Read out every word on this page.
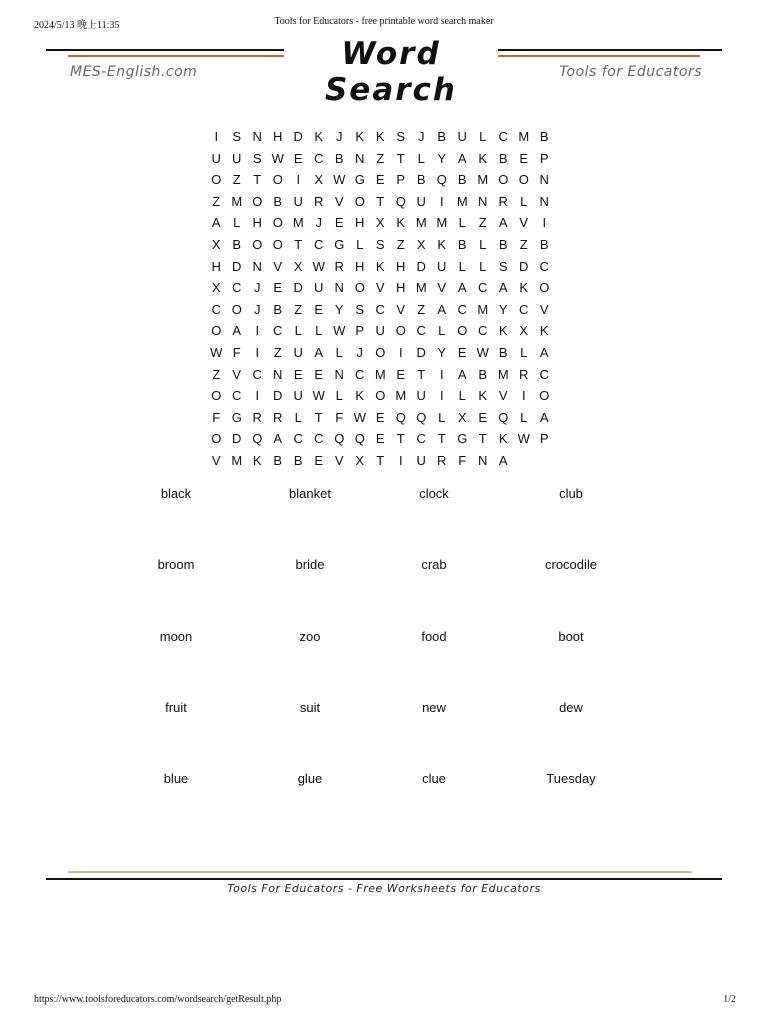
2024/5/13 晚上11:35	Tools for Educators - free printable word search maker
Word Search
MES-English.com	Tools for Educators
I	S N H D K J K K S J B U L C M B
U U S W E C B N Z T L Y A K B E P
O Z T O	I	X W G E P B Q B M O O N
Z M O B U R V O T Q U	I	M N R L N
A L H O M J E H X K M M L Z A V	I
X B O O T C G L S Z X K B L B Z B
H D N V X W R H K H D U L	L S D C
X C J E D U N O V H M V A C A K O
C O J B Z E Y S C V Z A C M Y C V
O A	I	C L	L W P U O C L O C K X K
W F	I	Z U A L	J O	I	D Y E W B L A
Z V C N E E N C M E T	I	A B M R C
O C	I	D U W L K O M U	I	L K V	I	O
F G R R L T F W E Q Q L X E Q L A
O D Q A C C Q Q E T C T G T K W P
V M K B B E V X T	I	U R F N A
black	blanket	clock	club
broom	bride	crab	crocodile
moon	zoo	food	boot
fruit	suit	new	dew
blue	glue	clue	Tuesday
Tools For Educators - Free Worksheets for Educators
https://www.toolsforeducators.com/wordsearch/getResult.php	1/2
